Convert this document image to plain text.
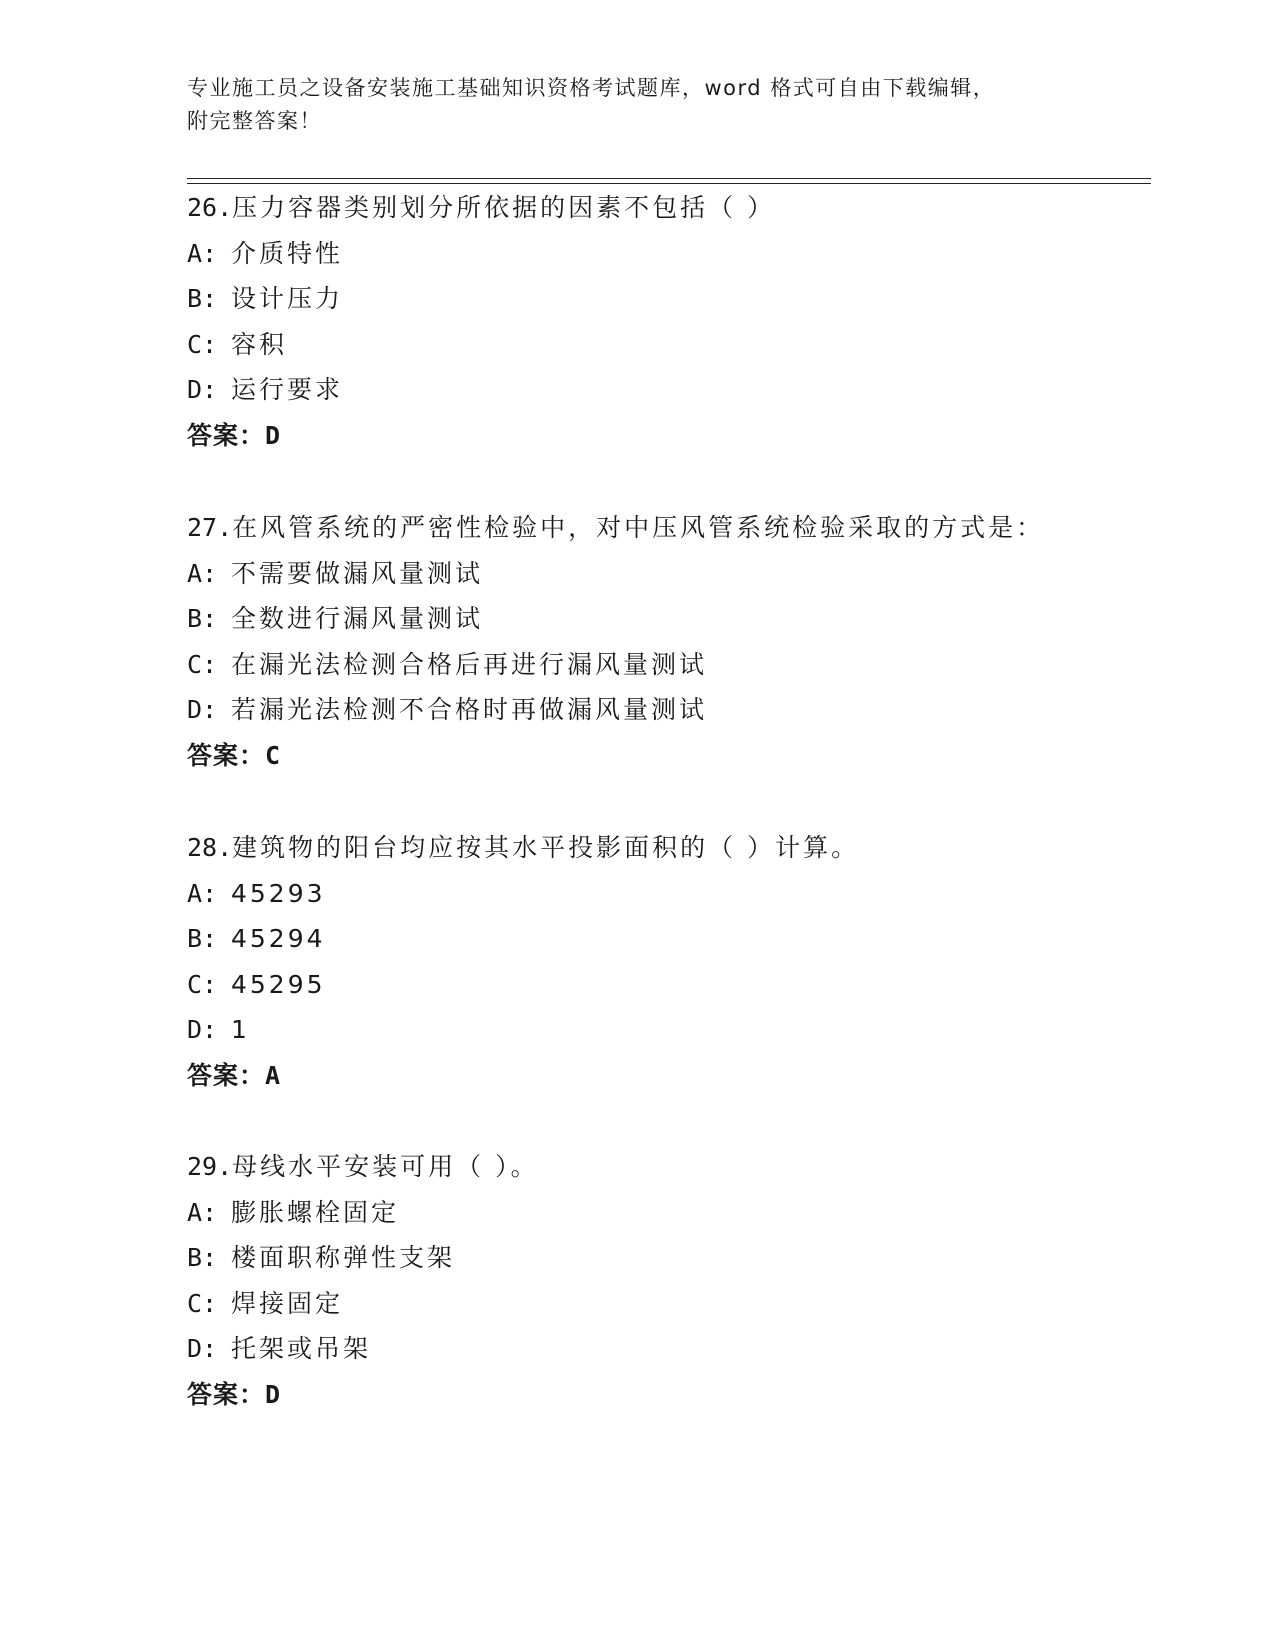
专业施工员之设备安装施工基础知识资格考试题库，word 格式可自由下载编辑，
附完整答案！
26.压力容器类别划分所依据的因素不包括（ ）
A: 介质特性
B: 设计压力
C: 容积
D: 运行要求
答案：D
27.在风管系统的严密性检验中，对中压风管系统检验采取的方式是：
A: 不需要做漏风量测试
B: 全数进行漏风量测试
C: 在漏光法检测合格后再进行漏风量测试
D: 若漏光法检测不合格时再做漏风量测试
答案：C
28.建筑物的阳台均应按其水平投影面积的（ ）计算。
A: 45293
B: 45294
C: 45295
D: 1
答案：A
29.母线水平安装可用（ ）。
A: 膨胀螺栓固定
B: 楼面职称弹性支架
C: 焊接固定
D: 托架或吊架
答案：D
